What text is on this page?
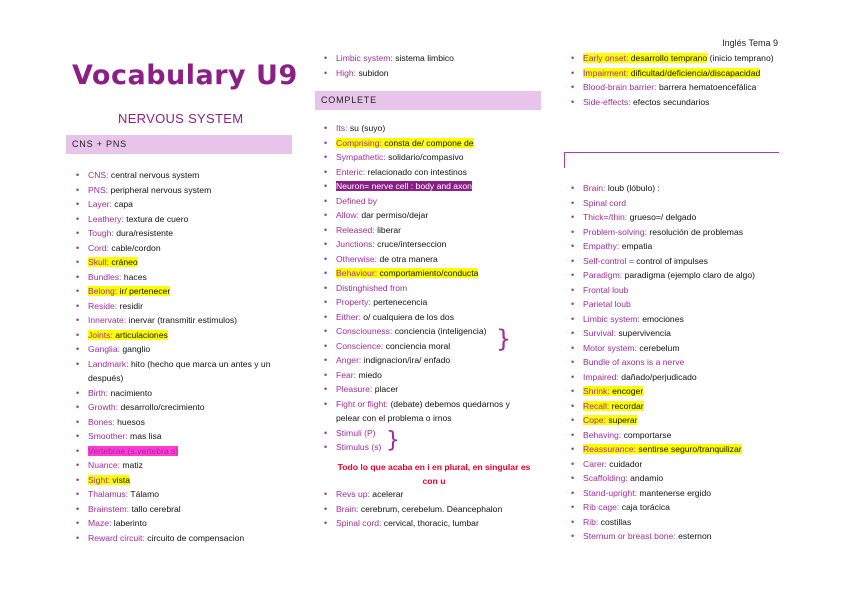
Inglés Tema 9
Vocabulary U9
NERVOUS SYSTEM
CNS + PNS
COMPLETE
• CNS: central nervous system
• PNS: peripheral nervous system
• Layer: capa
• Leathery: textura de cuero
• Tough: dura/resistente
• Cord: cable/cordon
• Skull: cráneo
• Bundles: haces
• Belong: ir/ pertenecer
• Reside: residir
• Innervate: inervar (transmitir estimulos)
• Joints: articulaciones
• Ganglia: ganglio
• Landmark: hito (hecho que marca un antes y un después)
• Birth: nacimiento
• Growth: desarrollo/crecimiento
• Bones: huesos
• Smoother: mas lisa
• Vertebrae (s.vertebra s)
• Nuance: matiz
• Sight: vista
• Thalamus: Tálamo
• Brainstem: tallo cerebral
• Maze: laberinto
• Reward circuit: circuito de compensacion
• Limbic system: sistema limbico
• High: subidon
• Its: su (suyo)
• Comprising: consta de/ compone de
• Sympathetic: solidario/compasivo
• Enteric: relacionado con intestinos
• Neuron= nerve cell : body and axon
• Defined by
• Allow: dar permiso/dejar
• Released: liberar
• Junctions: cruce/interseccion
• Otherwise: de otra manera
• Behaviour: comportamiento/conducta
• Distinghished from
• Property: pertenecencia
• Either: o/ cualquiera de los dos
• Consciouness: conciencia (inteligencia)
• Conscience: conciencia moral
• Anger: indignacion/ira/ enfado
• Fear: miedo
• Pleasure: placer
• Fight or flight: (debate) debemos quedarnos y pelear con el problema o irnos
• Stimuli (P)
• Stimulus (s)
Todo lo que acaba en i en plural, en singular es con u
• Revs up: acelerar
• Brain: cerebrum, cerebelum. Deancephalon
• Spinal cord: cervical, thoracic, lumbar
• Early onset: desarrollo temprano (inicio temprano)
• Impairment: dificultad/deficiencia/discapacidad
• Blood-brain barrier: barrera hematoencefálica
• Side-effects: efectos secundarios
• Brain: loub (lóbulo) :
• Spinal cord
• Thick=/thin: grueso=/ delgado
• Problem-solving: resolución de problemas
• Empathy: empatia
• Self-control = control of impulses
• Paradigm: paradigma (ejemplo claro de algo)
• Frontal loub
• Parietal loub
• Limbic system: emociones
• Survival: supervivencia
• Motor system: cerebelum
• Bundle of axons is a nerve
• Impaired: dañado/perjudicado
• Shrink: encoger
• Recall: recordar
• Cope: superar
• Behaving: comportarse
• Reassurance: sentirse seguro/tranquilizar
• Carer: cuidador
• Scaffolding: andamio
• Stand-upright: mantenerse ergido
• Rib cage: caja torácica
• Rib: costillas
• Sternum or breast bone: esternon
}
}
